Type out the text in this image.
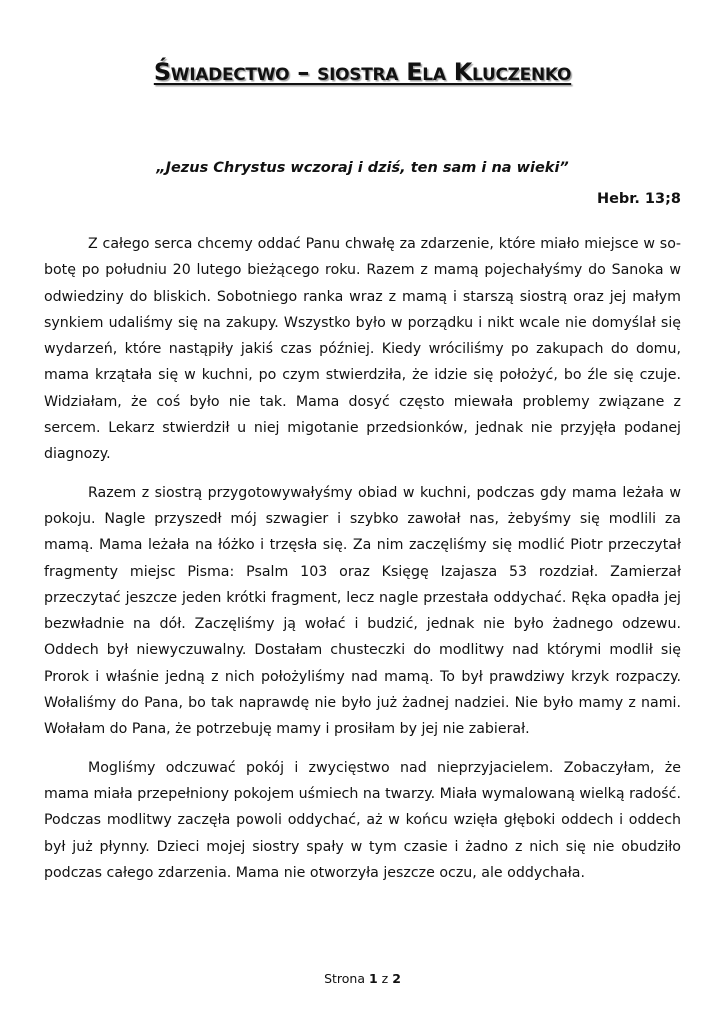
Świadectwo – siostra Ela Kluczenko
„Jezus Chrystus wczoraj i dziś, ten sam i na wieki”
Hebr. 13;8

Z całego serca chcemy oddać Panu chwałę za zdarzenie, które miało miejsce w sobotę po południu 20 lutego bieżącego roku. Razem z mamą pojechałyśmy do Sanoka w odwiedziny do bliskich. Sobotniego ranka wraz z mamą i starszą siostrą oraz jej małym synkiem udaliśmy się na zakupy. Wszystko było w porządku i nikt wcale nie domyślał się wydarzeń, które nastąpiły jakiś czas później. Kiedy wróciliśmy po zakupach do domu, mama krzątała się w kuchni, po czym stwierdziła, że idzie się położyć, bo źle się czuje. Widziałam, że coś było nie tak. Mama dosyć często miewała problemy związane z sercem. Lekarz stwierdził u niej migotanie przedsionków, jednak nie przyjęła podanej diagnozy.

Razem z siostrą przygotowywałyśmy obiad w kuchni, podczas gdy mama leżała w pokoju. Nagle przyszedł mój szwagier i szybko zawołał nas, żebyśmy się modlili za mamą. Mama leżała na łóżko i trzęsła się. Za nim zaczęliśmy się modlić Piotr przeczytał fragmenty miejsc Pisma: Psalm 103 oraz Księgę Izajasza 53 rozdział. Zamierzał przeczytać jeszcze jeden krótki fragment, lecz nagle przestała oddychać. Ręka opadła jej bezwładnie na dół. Zaczęliśmy ją wołać i budzić, jednak nie było żadnego odzewu. Oddech był niewyczuwalny. Dostałam chusteczki do modlitwy nad którymi modlił się Prorok i właśnie jedną z nich położyliśmy nad mamą. To był prawdziwy krzyk rozpaczy. Wołaliśmy do Pana, bo tak naprawdę nie było już żadnej nadziei. Nie było mamy z nami. Wołałam do Pana, że potrzebuję mamy i prosiłam by jej nie zabierał.

Mogliśmy odczuwać pokój i zwycięstwo nad nieprzyjacielem. Zobaczyłam, że mama miała przepełniony pokojem uśmiech na twarzy. Miała wymalowaną wielką radość. Podczas modlitwy zaczęła powoli oddychać, aż w końcu wzięła głęboki oddech i oddech był już płynny. Dzieci mojej siostry spały w tym czasie i żadno z nich się nie obudziło podczas całego zdarzenia. Mama nie otworzyła jeszcze oczu, ale oddychała.

Strona 1 z 2
